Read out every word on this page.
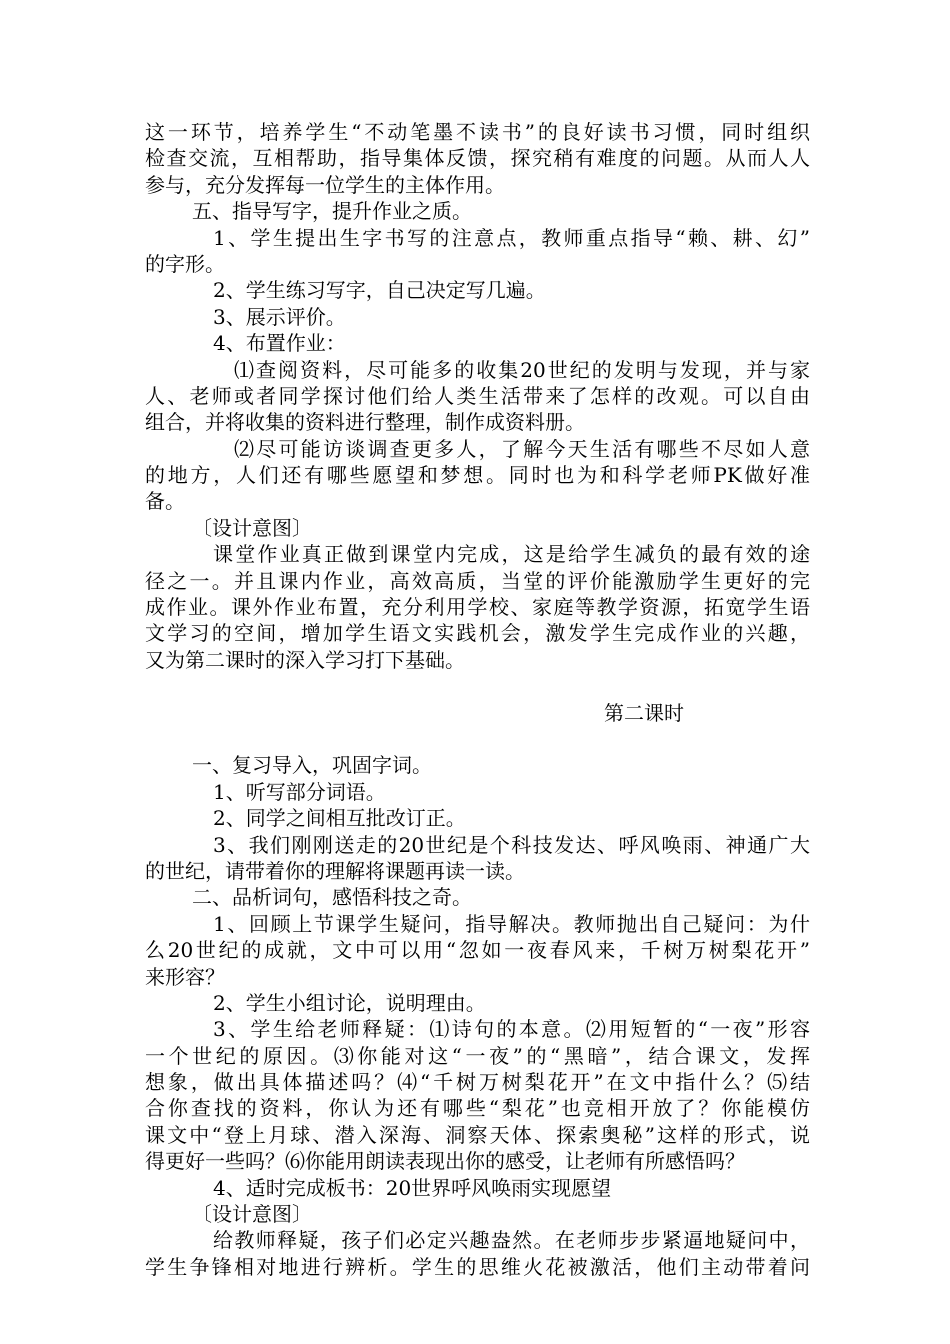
这一环节，培养学生“不动笔墨不读书”的良好读书习惯，同时组织
检查交流，互相帮助，指导集体反馈，探究稍有难度的问题。从而人人
参与，充分发挥每一位学生的主体作用。
五、指导写字，提升作业之质。
1、学生提出生字书写的注意点，教师重点指导“赖、耕、幻”
的字形。
2、学生练习写字，自己决定写几遍。
3、展示评价。
4、布置作业：
⑴查阅资料，尽可能多的收集20世纪的发明与发现，并与家
人、老师或者同学探讨他们给人类生活带来了怎样的改观。可以自由
组合，并将收集的资料进行整理，制作成资料册。
⑵尽可能访谈调查更多人，了解今天生活有哪些不尽如人意
的地方，人们还有哪些愿望和梦想。同时也为和科学老师PK做好准
备。
〔设计意图〕
课堂作业真正做到课堂内完成，这是给学生减负的最有效的途
径之一。并且课内作业，高效高质，当堂的评价能激励学生更好的完
成作业。课外作业布置，充分利用学校、家庭等教学资源，拓宽学生语
文学习的空间，增加学生语文实践机会，激发学生完成作业的兴趣，
又为第二课时的深入学习打下基础。
第二课时
一、复习导入，巩固字词。
1、听写部分词语。
2、同学之间相互批改订正。
3、我们刚刚送走的20世纪是个科技发达、呼风唤雨、神通广大
的世纪，请带着你的理解将课题再读一读。
二、品析词句，感悟科技之奇。
1、回顾上节课学生疑问，指导解决。教师抛出自己疑问：为什
么20世纪的成就，文中可以用“忽如一夜春风来，千树万树梨花开”
来形容？
2、学生小组讨论，说明理由。
3、学生给老师释疑：⑴诗句的本意。⑵用短暂的“一夜”形容
一个世纪的原因。⑶你能对这“一夜”的“黑暗”，结合课文，发挥
想象，做出具体描述吗？⑷“千树万树梨花开”在文中指什么？⑸结
合你查找的资料，你认为还有哪些“梨花”也竞相开放了？你能模仿
课文中“登上月球、潜入深海、洞察天体、探索奥秘”这样的形式，说
得更好一些吗？⑹你能用朗读表现出你的感受，让老师有所感悟吗？
4、适时完成板书：20世界呼风唤雨实现愿望
〔设计意图〕
给教师释疑，孩子们必定兴趣盎然。在老师步步紧逼地疑问中，
学生争锋相对地进行辨析。学生的思维火花被激活，他们主动带着问
